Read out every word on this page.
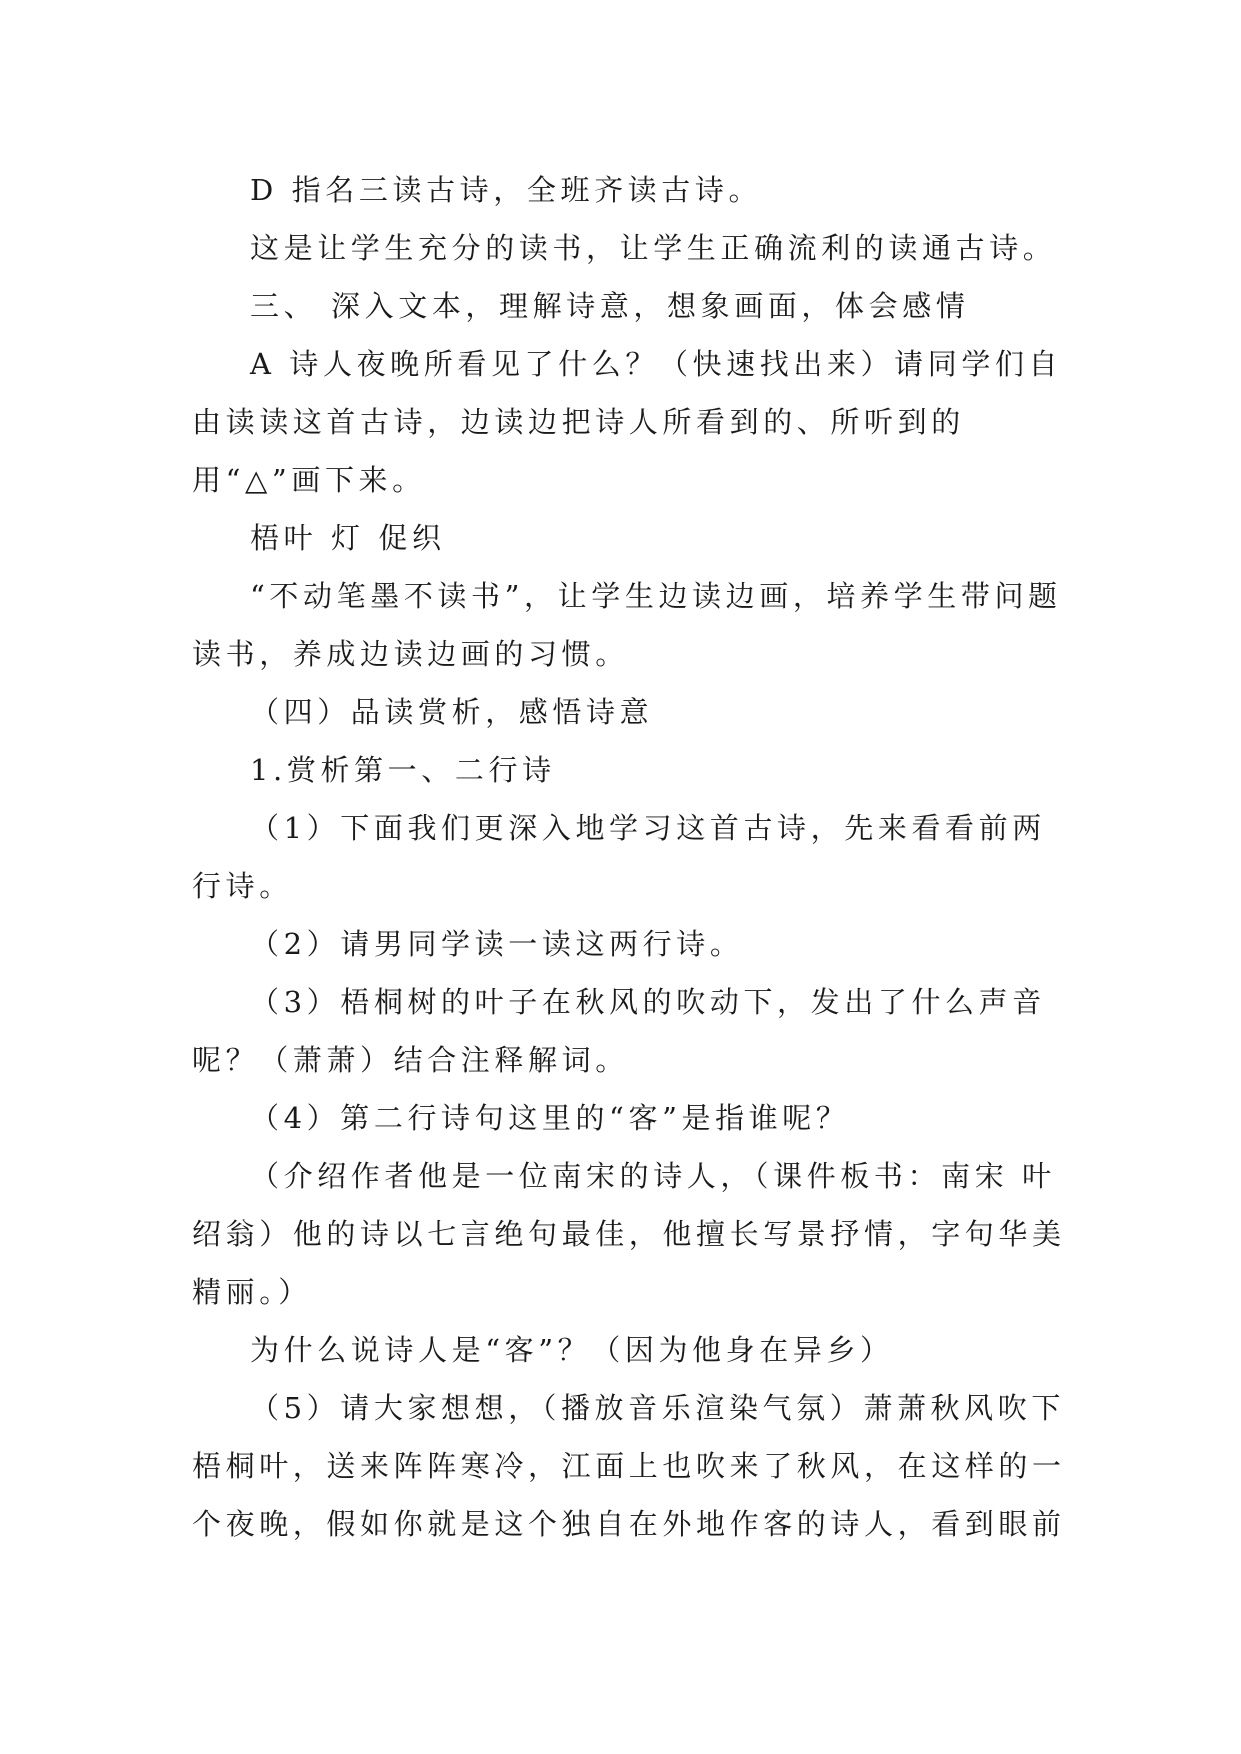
D 指名三读古诗，全班齐读古诗。

这是让学生充分的读书，让学生正确流利的读通古诗。

三、 深入文本，理解诗意，想象画面，体会感情

A 诗人夜晚所看见了什么？（快速找出来）请同学们自由读读这首古诗，边读边把诗人所看到的、所听到的用“△”画下来。

梧叶 灯 促织

“不动笔墨不读书”，让学生边读边画，培养学生带问题读书，养成边读边画的习惯。

（四）品读赏析，感悟诗意

1.赏析第一、二行诗

（1）下面我们更深入地学习这首古诗，先来看看前两行诗。

（2）请男同学读一读这两行诗。

（3）梧桐树的叶子在秋风的吹动下，发出了什么声音呢？（萧萧）结合注释解词。

（4）第二行诗句这里的“客”是指谁呢？

（介绍作者他是一位南宋的诗人，（课件板书：南宋 叶绍翁）他的诗以七言绝句最佳，他擅长写景抒情，字句华美精丽。）

为什么说诗人是“客”？（因为他身在异乡）

（5）请大家想想，（播放音乐渲染气氛）萧萧秋风吹下梧桐叶，送来阵阵寒冷，江面上也吹来了秋风，在这样的一个夜晚，假如你就是这个独自在外地作客的诗人，看到眼前
